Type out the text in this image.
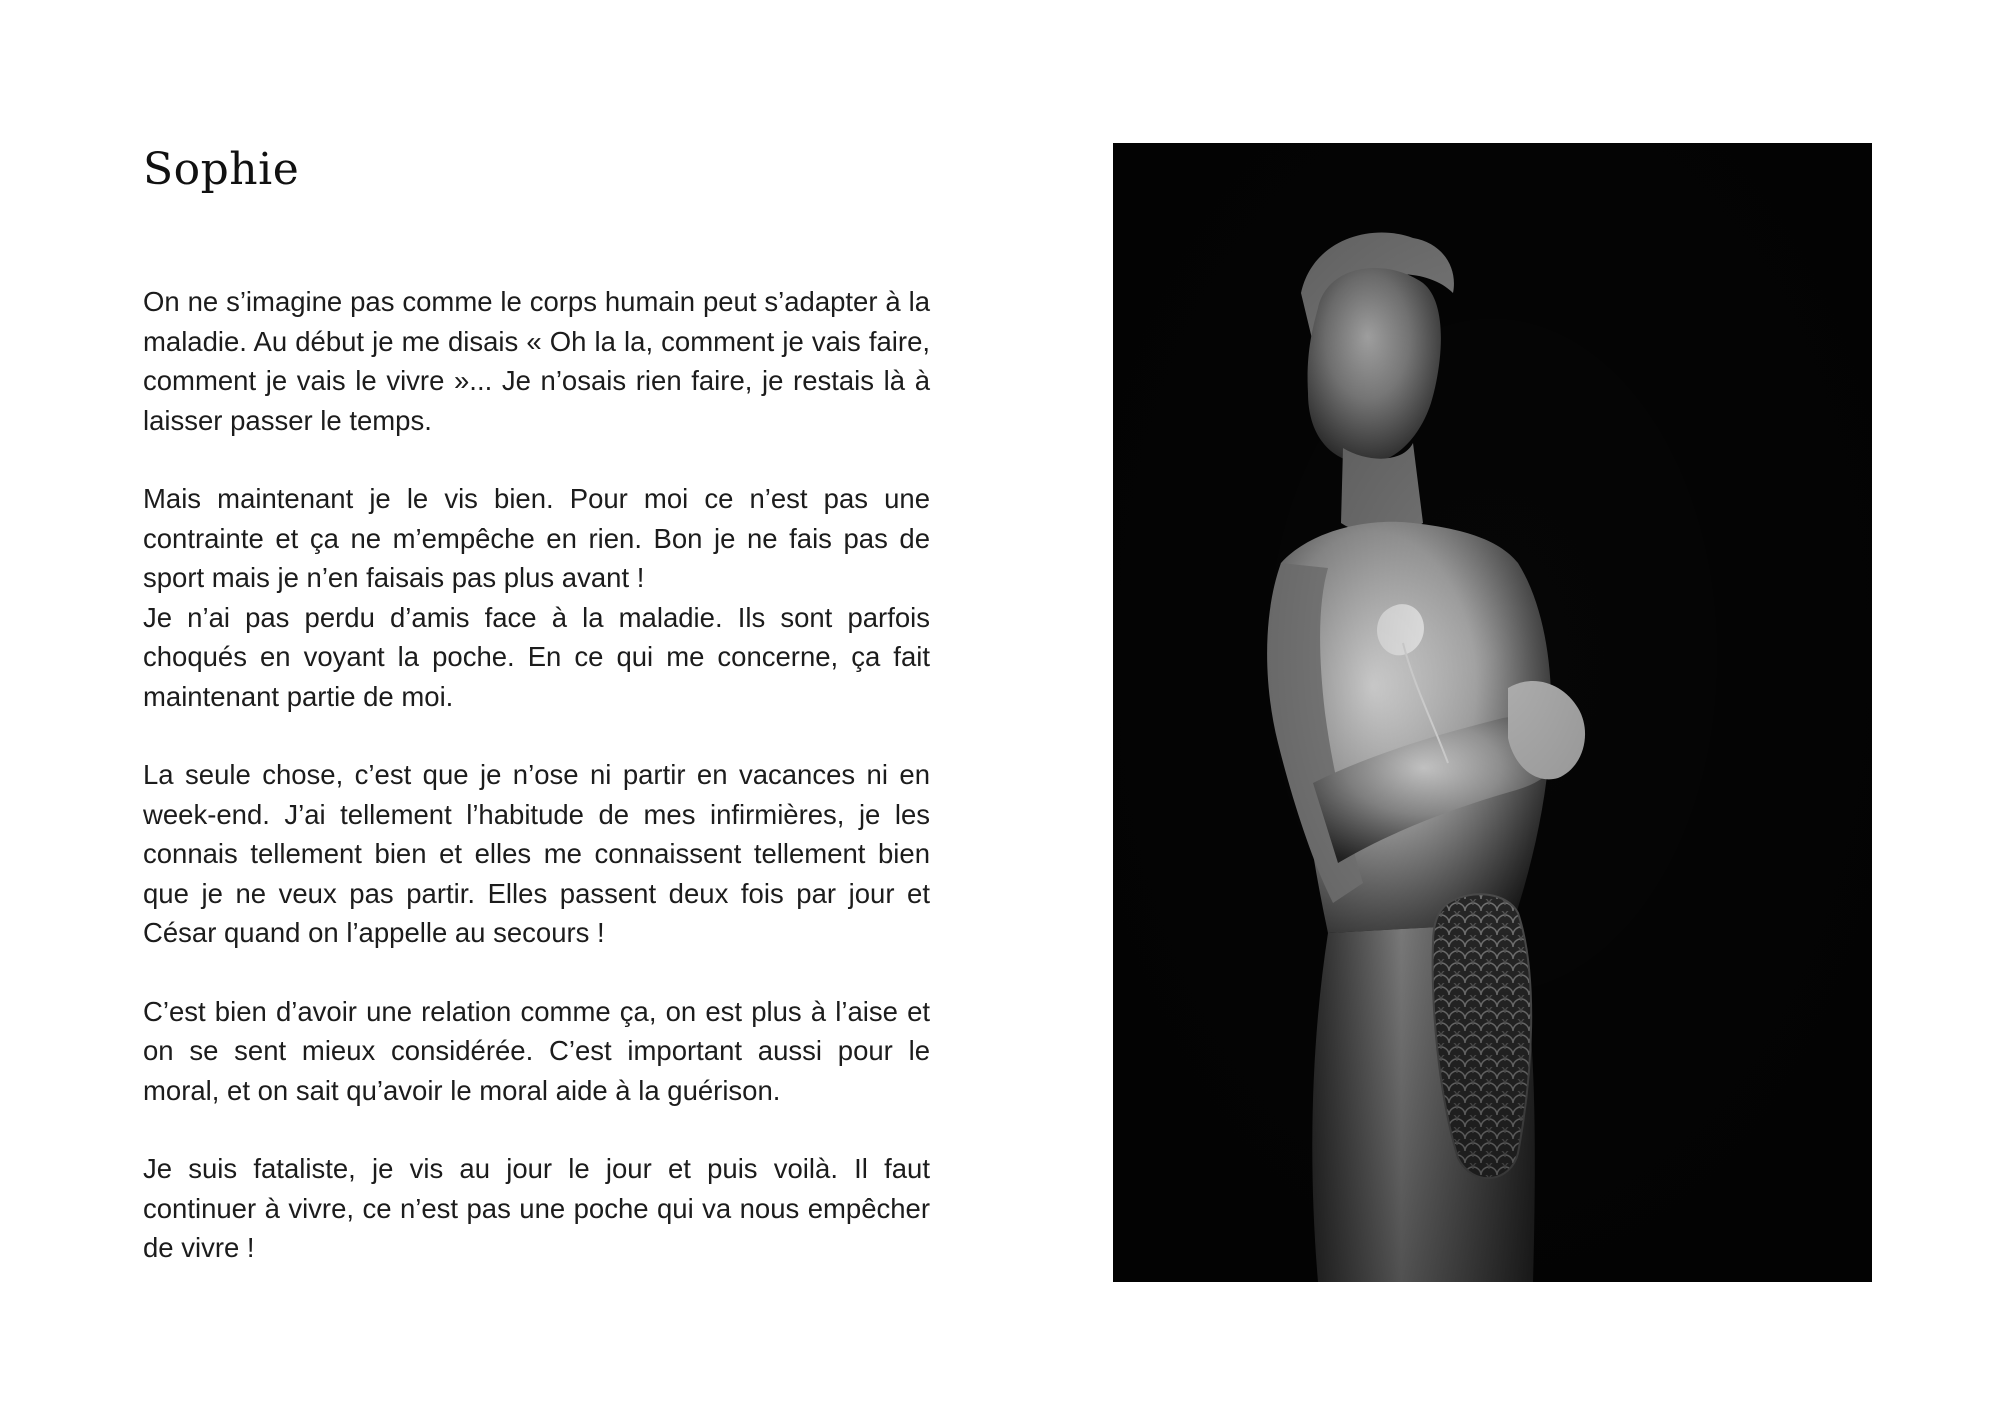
Sophie

On ne s’imagine pas comme le corps humain peut s’adapter à la maladie. Au début je me disais « Oh la la, comment je vais faire, comment je vais le vivre »... Je n’osais rien faire, je restais là à laisser passer le temps.

Mais maintenant je le vis bien. Pour moi ce n’est pas une contrainte et ça ne m’empêche en rien. Bon je ne fais pas de sport mais je n’en faisais pas plus avant !
Je n’ai pas perdu d’amis face à la maladie. Ils sont parfois choqués en voyant la poche. En ce qui me concerne, ça fait maintenant partie de moi.

La seule chose, c’est que je n’ose ni partir en vacances ni en week-end. J’ai tellement l’habitude de mes infirmières, je les connais tellement bien et elles me connaissent tellement bien que je ne veux pas partir. Elles passent deux fois par jour et César quand on l’appelle au secours !

C’est bien d’avoir une relation comme ça, on est plus à l’aise et on se sent mieux considérée. C’est important aussi pour le moral, et on sait qu’avoir le moral aide à la guérison.

Je suis fataliste, je vis au jour le jour et puis voilà. Il faut continuer à vivre, ce n’est pas une poche qui va nous empêcher de vivre !
